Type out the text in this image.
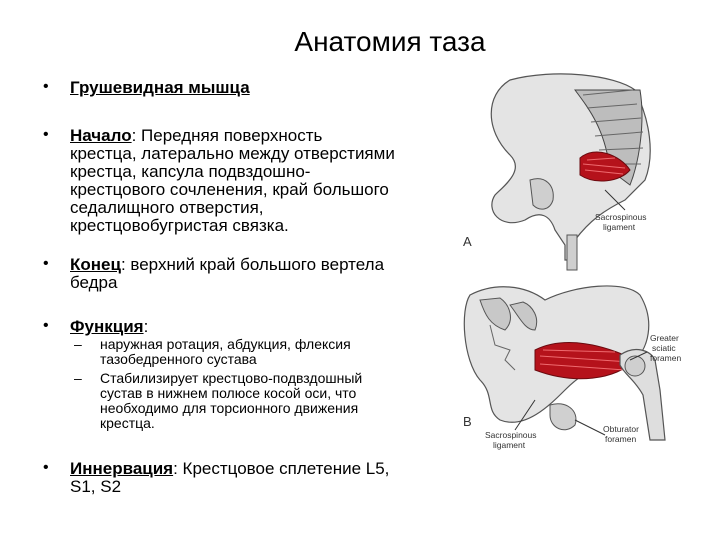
Анатомия таза
• Грушевидная мышца
• Начало: Передняя поверхность
крестца, латерально между отверстиями
крестца, капсула подвздошно-
крестцового сочленения, край большого
седалищного отверстия,
крестцовобугристая связка.
• Конец: верхний край большого вертела
бедра
• Функция:
– наружная ротация, абдукция, флексия
тазобедренного сустава
– Стабилизирует крестцово-подвздошный
сустав в нижнем полюсе косой оси, что
необходимо для торсионного движения
крестца.
• Иннервация: Крестцовое сплетение L5,
S1, S2
A
Sacrospinous
ligament
B
Greater
sciatic
foramen
Sacrospinous
ligament
Obturator
foramen
